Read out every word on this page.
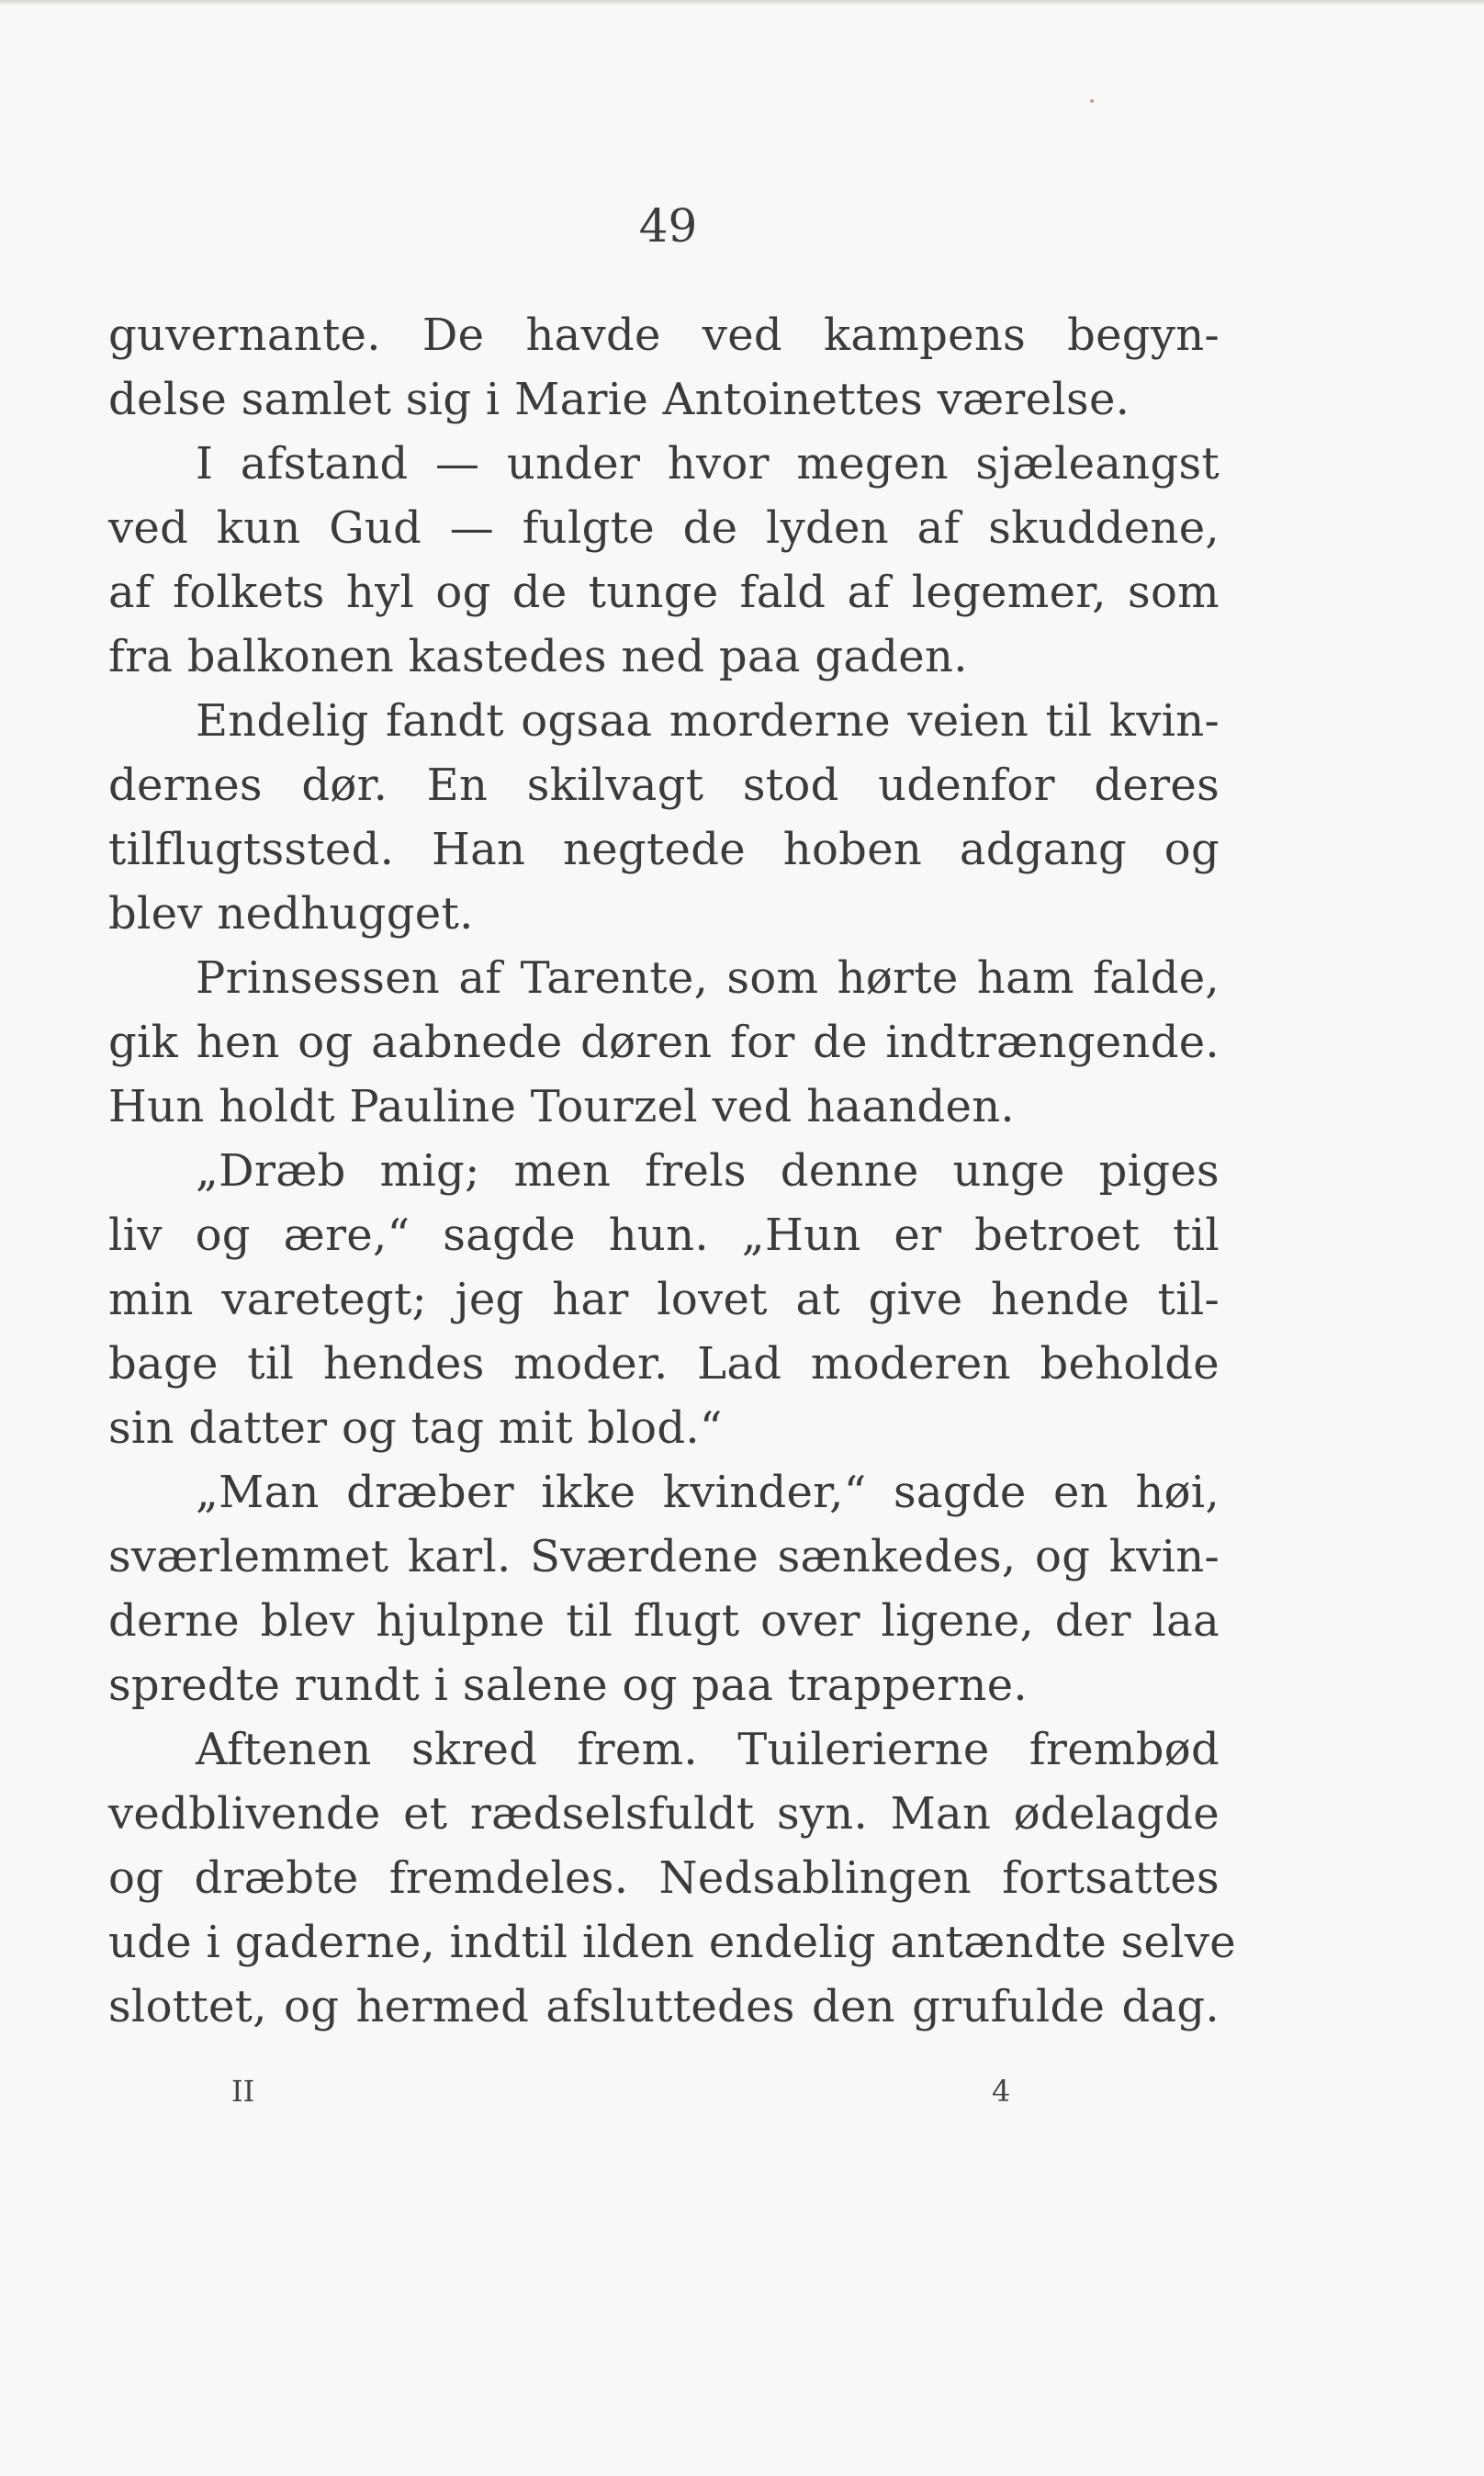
49
guvernante. De havde ved kampens begyn-
delse samlet sig i Marie Antoinettes værelse.
I afstand — under hvor megen sjæleangst
ved kun Gud — fulgte de lyden af skuddene,
af folkets hyl og de tunge fald af legemer, som
fra balkonen kastedes ned paa gaden.
Endelig fandt ogsaa morderne veien til kvin-
dernes dør. En skilvagt stod udenfor deres
tilflugtssted. Han negtede hoben adgang og
blev nedhugget.
Prinsessen af Tarente, som hørte ham falde,
gik hen og aabnede døren for de indtrængende.
Hun holdt Pauline Tourzel ved haanden.
„Dræb mig; men frels denne unge piges
liv og ære,“ sagde hun. „Hun er betroet til
min varetegt; jeg har lovet at give hende til-
bage til hendes moder. Lad moderen beholde
sin datter og tag mit blod.“
„Man dræber ikke kvinder,“ sagde en høi,
sværlemmet karl. Sværdene sænkedes, og kvin-
derne blev hjulpne til flugt over ligene, der laa
spredte rundt i salene og paa trapperne.
Aftenen skred frem. Tuilerierne frembød
vedblivende et rædselsfuldt syn. Man ødelagde
og dræbte fremdeles. Nedsablingen fortsattes
ude i gaderne, indtil ilden endelig antændte selve
slottet, og hermed afsluttedes den grufulde dag.
II	4
